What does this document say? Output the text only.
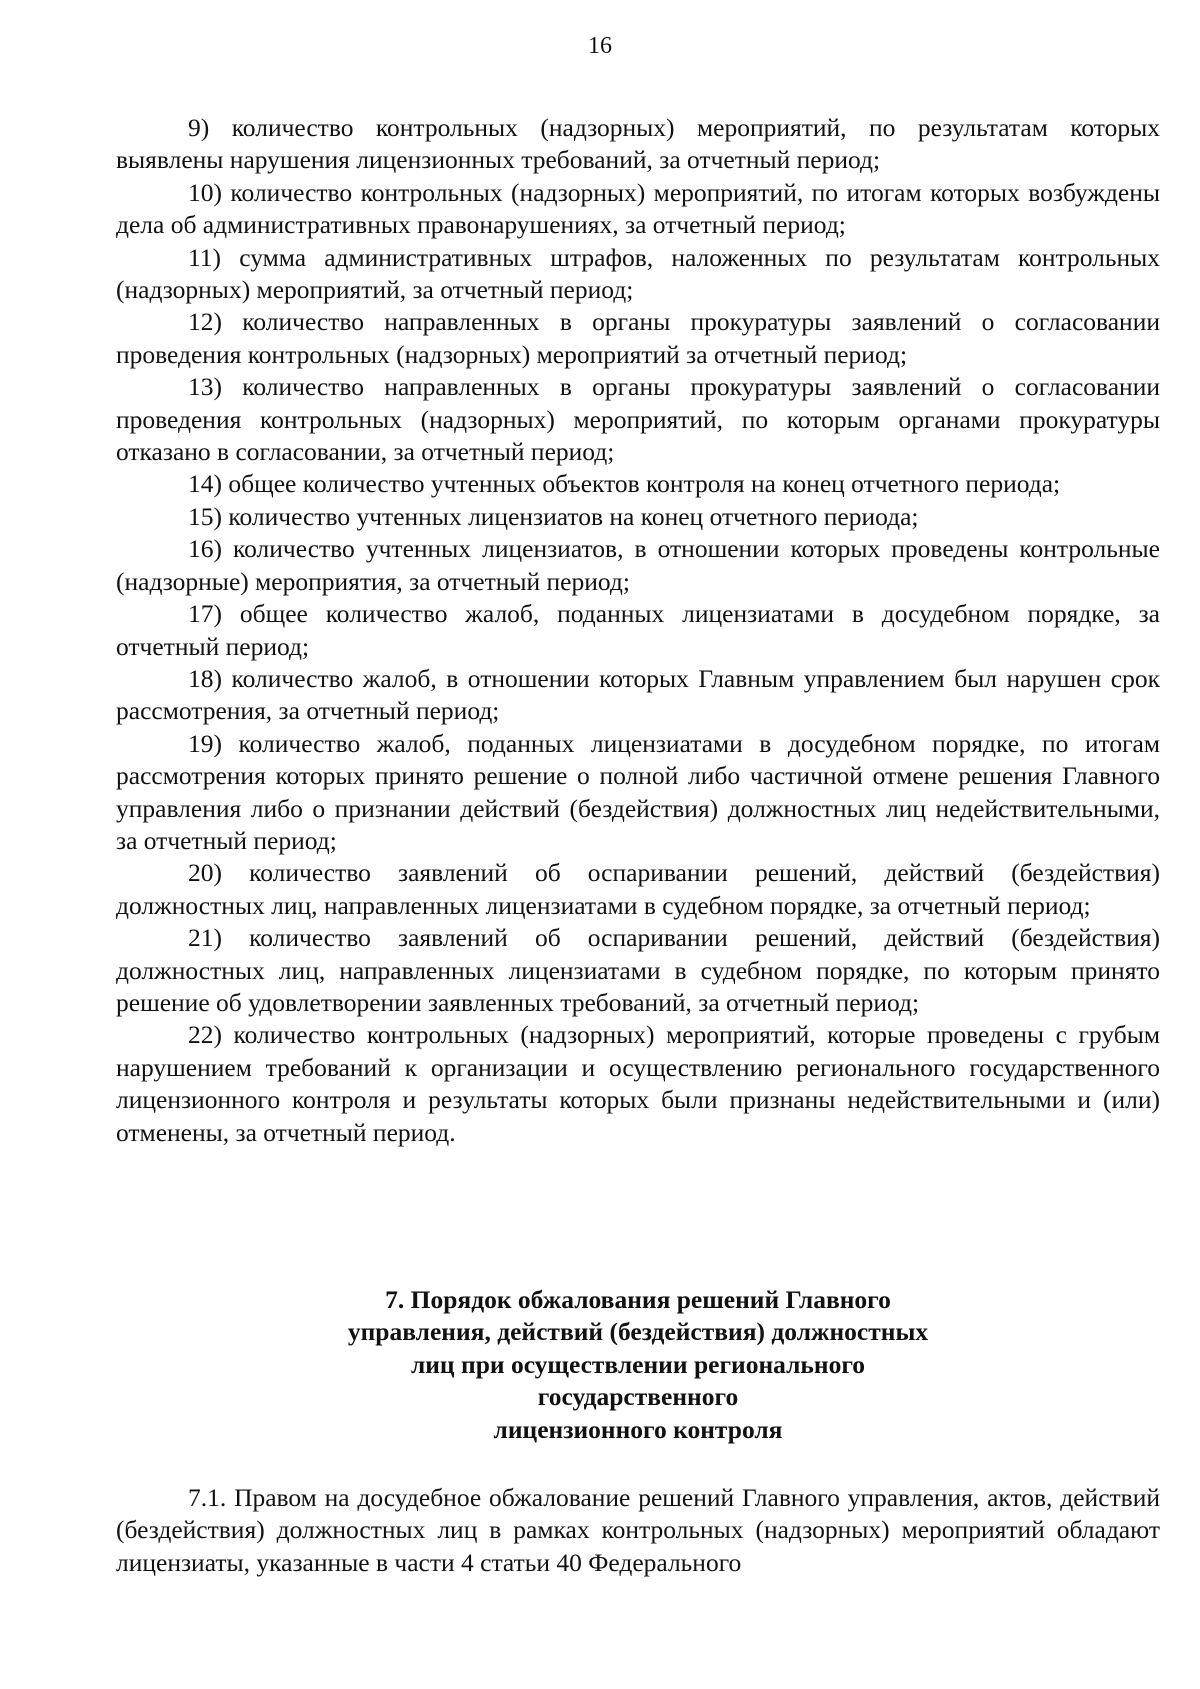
16

9) количество контрольных (надзорных) мероприятий, по результатам которых выявлены нарушения лицензионных требований, за отчетный период;

10) количество контрольных (надзорных) мероприятий, по итогам которых возбуждены дела об административных правонарушениях, за отчетный период;

11) сумма административных штрафов, наложенных по результатам контрольных (надзорных) мероприятий, за отчетный период;

12) количество направленных в органы прокуратуры заявлений о согласовании проведения контрольных (надзорных) мероприятий за отчетный период;

13) количество направленных в органы прокуратуры заявлений о согласовании проведения контрольных (надзорных) мероприятий, по которым органами прокуратуры отказано в согласовании, за отчетный период;

14) общее количество учтенных объектов контроля на конец отчетного периода;

15) количество учтенных лицензиатов на конец отчетного периода;

16) количество учтенных лицензиатов, в отношении которых проведены контрольные (надзорные) мероприятия, за отчетный период;

17) общее количество жалоб, поданных лицензиатами в досудебном порядке, за отчетный период;

18) количество жалоб, в отношении которых Главным управлением был нарушен срок рассмотрения, за отчетный период;

19) количество жалоб, поданных лицензиатами в досудебном порядке, по итогам рассмотрения которых принято решение о полной либо частичной отмене решения Главного управления либо о признании действий (бездействия) должностных лиц недействительными, за отчетный период;

20) количество заявлений об оспаривании решений, действий (бездействия) должностных лиц, направленных лицензиатами в судебном порядке, за отчетный период;

21) количество заявлений об оспаривании решений, действий (бездействия) должностных лиц, направленных лицензиатами в судебном порядке, по которым принято решение об удовлетворении заявленных требований, за отчетный период;

22) количество контрольных (надзорных) мероприятий, которые проведены с грубым нарушением требований к организации и осуществлению регионального государственного лицензионного контроля и результаты которых были признаны недействительными и (или) отменены, за отчетный период.

7. Порядок обжалования решений Главного
управления, действий (бездействия) должностных
лиц при осуществлении регионального
государственного
лицензионного контроля

7.1. Правом на досудебное обжалование решений Главного управления, актов, действий (бездействия) должностных лиц в рамках контрольных (надзорных) мероприятий обладают лицензиаты, указанные в части 4 статьи 40 Федерального
